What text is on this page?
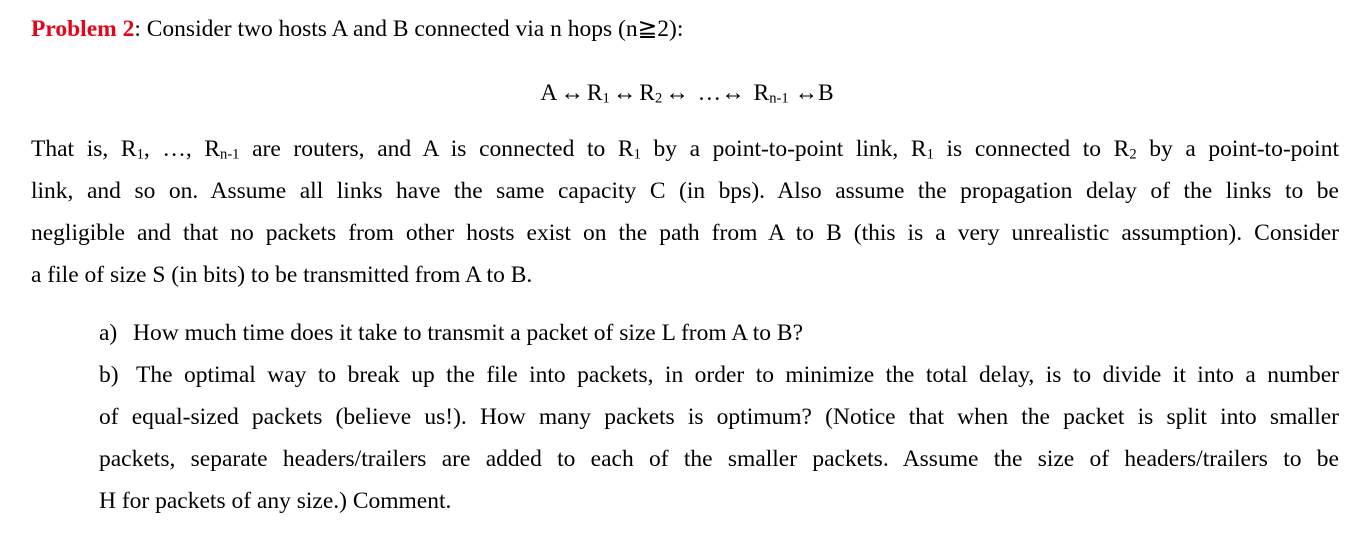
Problem 2: Consider two hosts A and B connected via n hops (n≧2):
A ↔ $R_1$ ↔ $R_2$ ↔ …↔ $R_{n-1}$ ↔B
That is, $R_1$, …, $R_{n-1}$ are routers, and A is connected to $R_1$ by a point-to-point link, $R_1$ is connected to $R_2$ by a point-to-point
link, and so on. Assume all links have the same capacity C (in bps). Also assume the propagation delay of the links to be
negligible and that no packets from other hosts exist on the path from A to B (this is a very unrealistic assumption). Consider
a file of size S (in bits) to be transmitted from A to B.
a) How much time does it take to transmit a packet of size L from A to B?
b) The optimal way to break up the file into packets, in order to minimize the total delay, is to divide it into a number
of equal-sized packets (believe us!). How many packets is optimum? (Notice that when the packet is split into smaller
packets, separate headers/trailers are added to each of the smaller packets. Assume the size of headers/trailers to be
H for packets of any size.) Comment.
